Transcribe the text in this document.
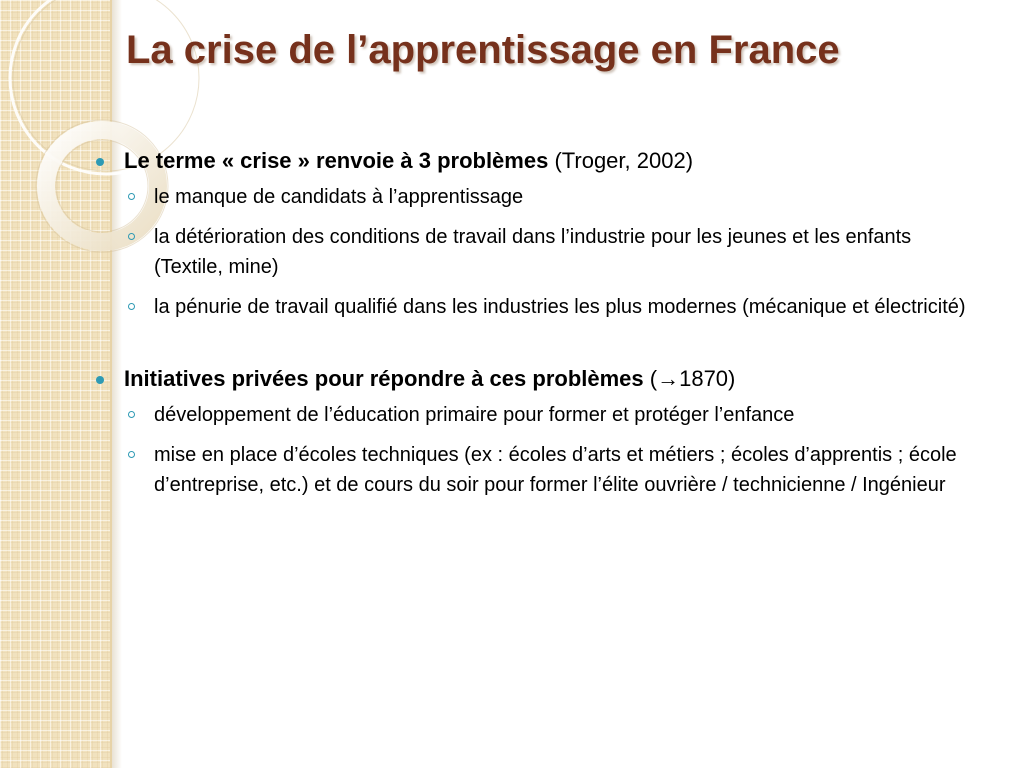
La crise de l’apprentissage en France
Le terme « crise » renvoie à 3 problèmes (Troger, 2002)
le manque de candidats à l’apprentissage
la détérioration des conditions de travail dans l’industrie pour les jeunes et les enfants (Textile, mine)
la pénurie de travail qualifié dans les industries les plus modernes (mécanique et électricité)
Initiatives privées pour répondre à ces problèmes (→1870)
développement de l’éducation primaire pour former et protéger l’enfance
mise en place d’écoles techniques (ex : écoles d’arts et métiers ; écoles d’apprentis ; école d’entreprise, etc.) et de cours du soir pour former l’élite ouvrière / technicienne / Ingénieur
